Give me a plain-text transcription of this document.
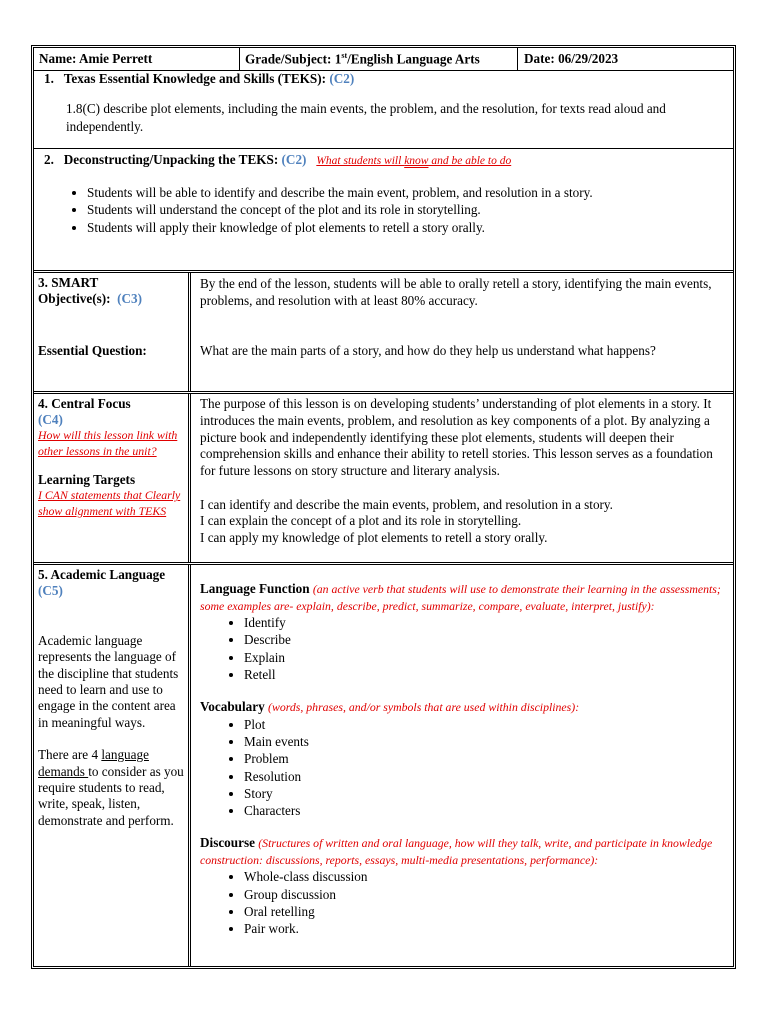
Name: Amie Perrett	Grade/Subject: 1st/English Language Arts	Date: 06/29/2023
1. Texas Essential Knowledge and Skills (TEKS): (C2)

1.8(C) describe plot elements, including the main events, the problem, and the resolution, for texts read aloud and independently.

2. Deconstructing/Unpacking the TEKS: (C2) What students will know and be able to do
• Students will be able to identify and describe the main event, problem, and resolution in a story.
• Students will understand the concept of the plot and its role in storytelling.
• Students will apply their knowledge of plot elements to retell a story orally.

3. SMART

Objective(s): (C3)

Essential Question:

By the end of the lesson, students will be able to orally retell a story, identifying the main events, problems, and resolution with at least 80% accuracy.

What are the main parts of a story, and how do they help us understand what happens?

4. Central Focus

(C4)

How will this lesson link with other lessons in the unit?

Learning Targets

I CAN statements that Clearly show alignment with TEKS

The purpose of this lesson is on developing students’ understanding of plot elements in a story. It introduces the main events, problem, and resolution as key components of a plot. By analyzing a picture book and independently identifying these plot elements, students will deepen their comprehension skills and enhance their ability to retell stories. This lesson serves as a foundation for future lessons on story structure and literary analysis.

I can identify and describe the main events, problem, and resolution in a story.

I can explain the concept of a plot and its role in storytelling.

I can apply my knowledge of plot elements to retell a story orally.

5. Academic Language

(C5)

Academic language represents the language of the discipline that students need to learn and use to engage in the content area in meaningful ways.

There are 4 language demands to consider as you require students to read, write, speak, listen, demonstrate and perform.

Language Function (an active verb that students will use to demonstrate their learning in the assessments; some examples are- explain, describe, predict, summarize, compare, evaluate, interpret, justify):

• Identify
• Describe
• Explain
• Retell

Vocabulary (words, phrases, and/or symbols that are used within disciplines):

• Plot
• Main events
• Problem
• Resolution
• Story
• Characters

Discourse (Structures of written and oral language, how will they talk, write, and participate in knowledge construction: discussions, reports, essays, multi-media presentations, performance):

• Whole-class discussion
• Group discussion
• Oral retelling
• Pair work.
